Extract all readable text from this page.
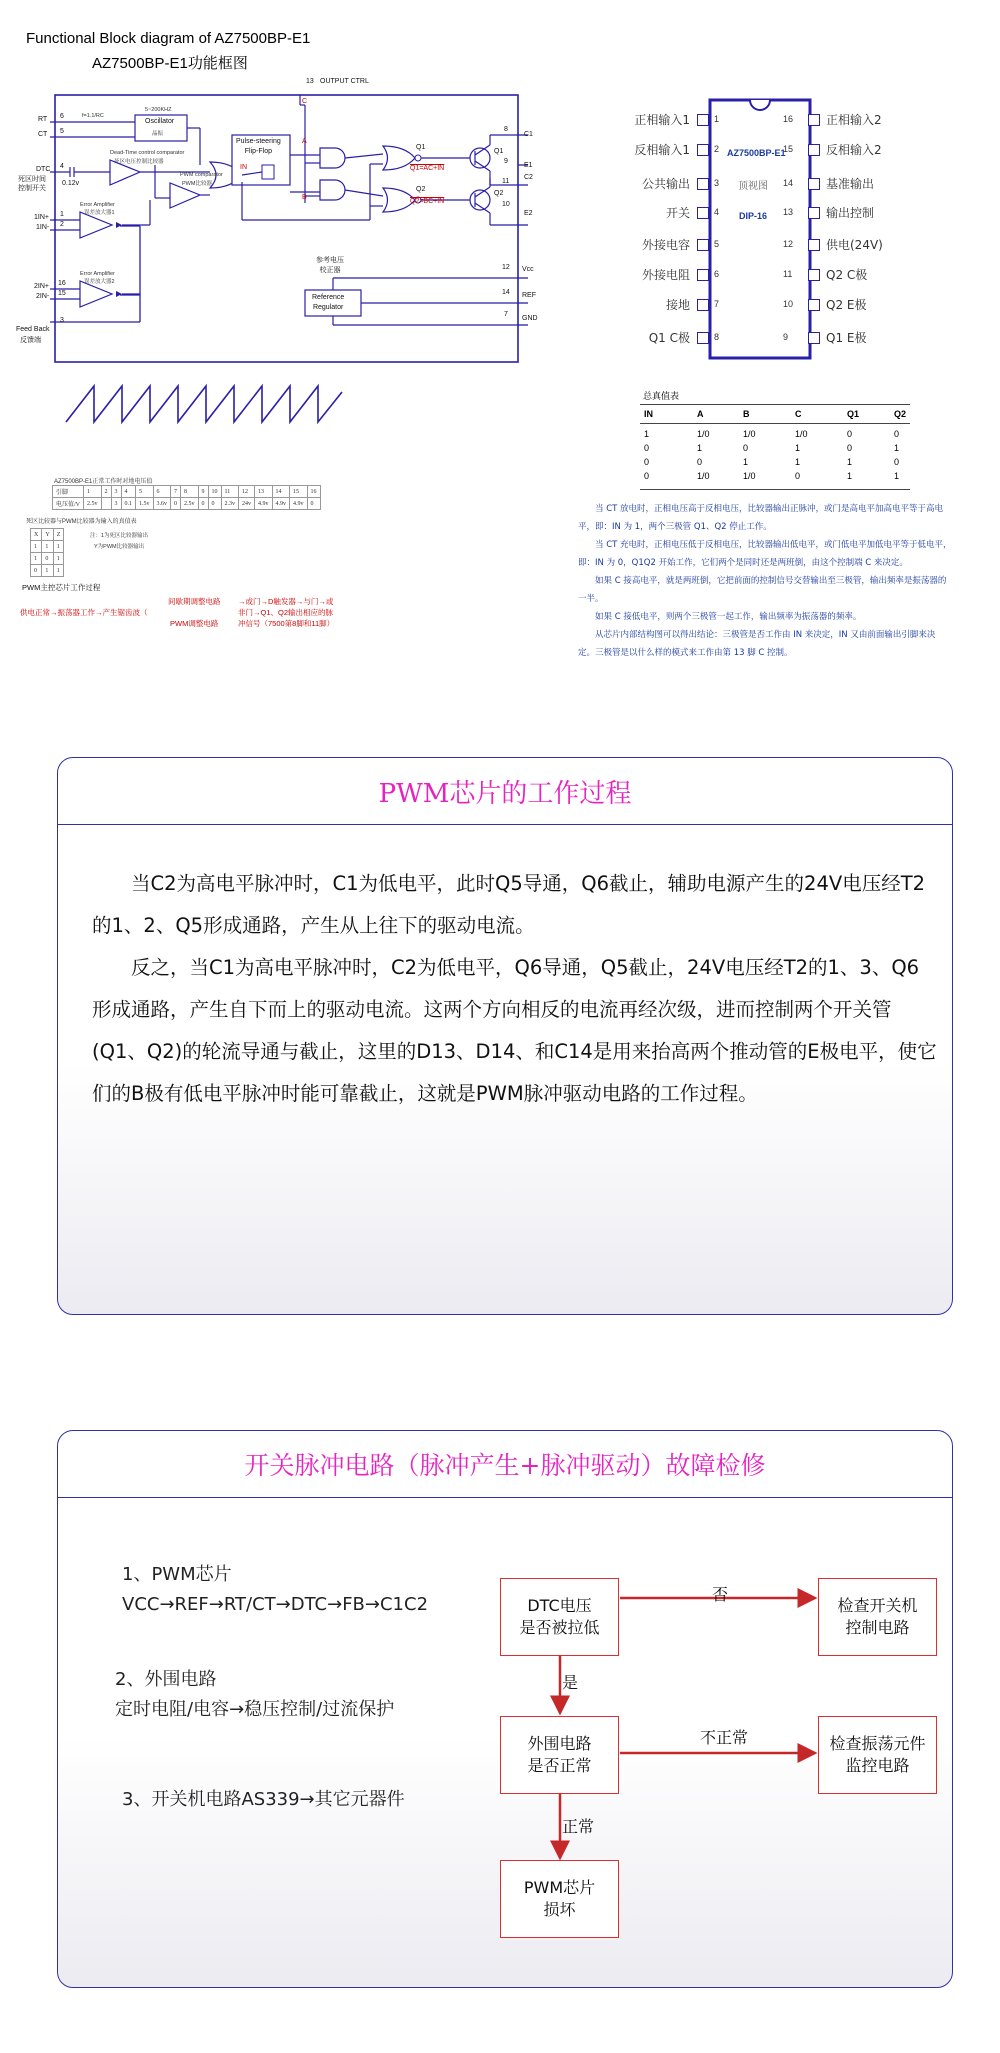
Functional Block diagram of AZ7500BP-E1
AZ7500BP-E1功能框图
13 OUTPUT CTRL
RT 6
CT 5
DTC 4
死区时间
控制开关
0.12v
1IN+ 1
1IN- 2
2IN+ 16
2IN- 15
Feed Back
3
反馈端
f=1.1/RC
5~200KHZ
Oscillator
晶振
Dead-Time control comparator
死区电压控制比较器
PWM comparator
PWM比较器
Error Amplifier
误差放大器1
Error Amplifier
误差放大器2
Pulse-steering
Flip-Flop
IN
C
A
B
Q1
Q2
Q1=AC+IN
Q2=BC+IN
Q1
Q2
8
C1
9
E1
11
C2
10
E2
12 Vcc
14 REF
7
GND
参考电压
校正器
Reference
Regulator
AZ7500BP-E1
顶视图
DIP-16
正相输入1	1
反相输入1	2
公共输出	3
开关	4
外接电容	5
外接电阻	6
接地	7
Q1 C极	8
16	正相输入2
15	反相输入2
14	基准输出
13	输出控制
12	供电(24V)
11	Q2 C极
10	Q2 E极
9	Q1 E极
总真值表
IN	A	B	C	Q1	Q2
1	1/0	1/0	1/0	0	0
0	1	0	1	0	1
0	0	1	1	1	0
0	1/0	1/0	0	1	1
当 CT 放电时，正相电压高于反相电压，比较器输出正脉冲，或门是高电平加高电平等于高电平，即：IN 为 1，两个三极管 Q1、Q2 停止工作。
当 CT 充电时，正相电压低于反相电压，比较器输出低电平，或门低电平加低电平等于低电平，即：IN 为 0，Q1Q2 开始工作，它们两个是同时还是两班倒，由这个控制端 C 来决定。
如果 C 接高电平，就是两班倒，它把前面的控制信号交替输出至三极管，输出频率是振荡器的一半。
如果 C 接低电平，则两个三极管一起工作，输出频率为振荡器的频率。
从芯片内部结构图可以得出结论：三极管是否工作由 IN 来决定，IN 又由前面输出引脚来决定。三极管是以什么样的模式来工作由第 13 脚 C 控制。
AZ7500BP-E1正常工作时对地电压值
引脚	1	2	3	4	5	6	7	8	9	10	11	12	13	14	15	16
电压值/V	2.5v		3	0.1	1.5v	3.6v	0	2.5v	0	0	2.3v	24v	4.9v	4.9v	4.9v	0
死区比较器与PWM比较器为输入的真值表
X	Y	Z
1	1	1
1	0	1
0	1	1
注：1为死区比较器输出
Y为PWM比较器输出
PWM主控芯片工作过程
供电正常→振荡器工作→产生锯齿波（
间歇期调整电路
PWM调整电路
→或门→D触发器→与门→或
非门→Q1、Q2输出相应的脉
冲信号（7500第8脚和11脚）
PWM芯片的工作过程

当C2为高电平脉冲时，C1为低电平，此时Q5导通，Q6截止，辅助电源产生的24V电压经T2的1、2、Q5形成通路，产生从上往下的驱动电流。

反之，当C1为高电平脉冲时，C2为低电平，Q6导通，Q5截止，24V电压经T2的1、3、Q6形成通路，产生自下而上的驱动电流。这两个方向相反的电流再经次级，进而控制两个开关管(Q1、Q2)的轮流导通与截止，这里的D13、D14、和C14是用来抬高两个推动管的E极电平，使它们的B极有低电平脉冲时能可靠截止，这就是PWM脉冲驱动电路的工作过程。

开关脉冲电路（脉冲产生+脉冲驱动）故障检修
1、PWM芯片
VCC→REF→RT/CT→DTC→FB→C1C2
2、外围电路
定时电阻/电容→稳压控制/过流保护
3、开关机电路AS339→其它元器件
DTC电压
是否被拉低
检查开关机
控制电路
外围电路
是否正常
检查振荡元件
监控电路
PWM芯片
损坏
否
是
不正常
正常
